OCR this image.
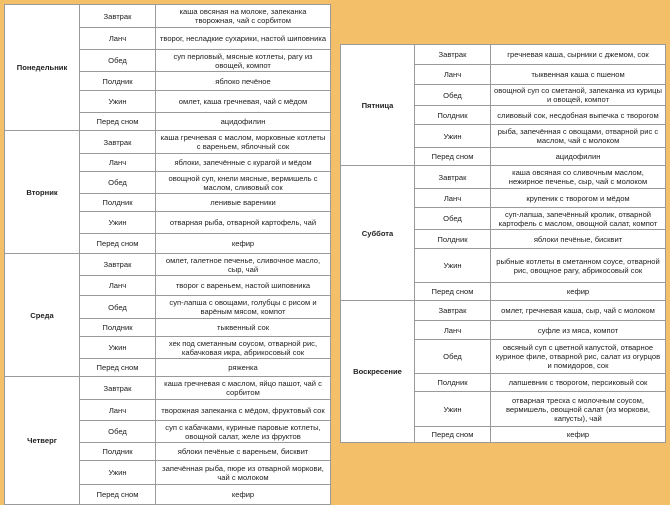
Понедельник	Завтрак	каша овсяная на молоке, запеканка творожная, чай с сорбитом
	Ланч	творог, несладкие сухарики, настой шиповника
	Обед	суп перловый, мясные котлеты, рагу из овощей, компот
	Полдник	яблоко печёное
	Ужин	омлет, каша гречневая, чай с мёдом
	Перед сном	ацидофилин
Вторник	Завтрак	каша гречневая с маслом, морковные котлеты с вареньем, яблочный сок
	Ланч	яблоки, запечённые с курагой и мёдом
	Обед	овощной суп, кнели мясные, вермишель с маслом, сливовый сок
	Полдник	ленивые вареники
	Ужин	отварная рыба, отварной картофель, чай
	Перед сном	кефир
Среда	Завтрак	омлет, галетное печенье, сливочное масло, сыр, чай
	Ланч	творог с вареньем, настой шиповника
	Обед	суп-лапша с овощами, голубцы с рисом и варёным мясом, компот
	Полдник	тыквенный сок
	Ужин	хек под сметанным соусом, отварной рис, кабачковая икра, абрикосовый сок
	Перед сном	ряженка
Четверг	Завтрак	каша гречневая с маслом, яйцо пашот, чай с сорбитом
	Ланч	творожная запеканка с мёдом, фруктовый сок
	Обед	суп с кабачками, куриные паровые котлеты, овощной салат, желе из фруктов
	Полдник	яблоки печёные с вареньем, бисквит
	Ужин	запечённая рыба, пюре из отварной моркови, чай с молоком
	Перед сном	кефир
Пятница	Завтрак	гречневая каша, сырники с джемом, сок
	Ланч	тыквенная каша с пшеном
	Обед	овощной суп со сметаной, запеканка из курицы и овощей, компот
	Полдник	сливовый сок, несдобная выпечка с творогом
	Ужин	рыба, запечённая с овощами, отварной рис с маслом, чай с молоком
	Перед сном	ацидофилин
Суббота	Завтрак	каша овсяная со сливочным маслом, нежирное печенье, сыр, чай с молоком
	Ланч	крупеник с творогом и мёдом
	Обед	суп-лапша, запечённый кролик, отварной картофель с маслом, овощной салат, компот
	Полдник	яблоки печёные, бисквит
	Ужин	рыбные котлеты в сметанном соусе, отварной рис, овощное рагу, абрикосовый сок
	Перед сном	кефир
Воскресение	Завтрак	омлет, гречневая каша, сыр, чай с молоком
	Ланч	суфле из мяса, компот
	Обед	овсяный суп с цветной капустой, отварное куриное филе, отварной рис, салат из огурцов и помидоров, сок
	Полдник	лапшевник с творогом, персиковый сок
	Ужин	отварная треска с молочным соусом, вермишель, овощной салат (из моркови, капусты), чай
	Перед сном	кефир
